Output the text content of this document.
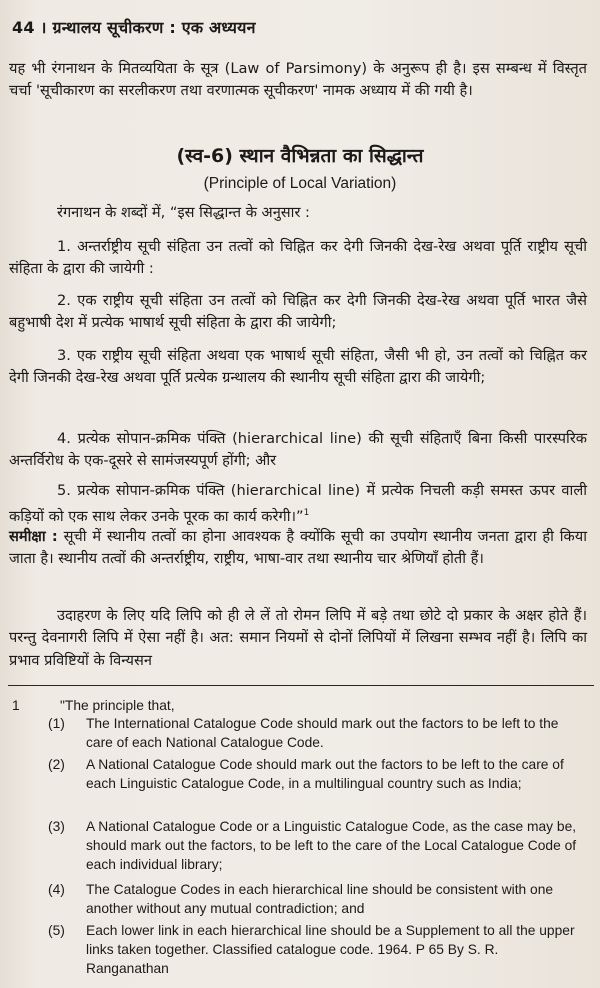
44 । ग्रन्थालय सूचीकरण : एक अध्ययन
यह भी रंगनाथन के मितव्ययिता के सूत्र (Law of Parsimony) के अनुरूप ही है। इस सम्बन्ध में विस्तृत चर्चा 'सूचीकारण का सरलीकरण तथा वरणात्मक सूचीकरण' नामक अध्याय में की गयी है।
(स्व-6) स्थान वैभिन्नता का सिद्धान्त
(Principle of Local Variation)
रंगनाथन के शब्दों में, “इस सिद्धान्त के अनुसार :
1. अन्तर्राष्ट्रीय सूची संहिता उन तत्वों को चिह्नित कर देगी जिनकी देख-रेख अथवा पूर्ति राष्ट्रीय सूची संहिता के द्वारा की जायेगी :
2. एक राष्ट्रीय सूची संहिता उन तत्वों को चिह्नित कर देगी जिनकी देख-रेख अथवा पूर्ति भारत जैसे बहुभाषी देश में प्रत्येक भाषार्थ सूची संहिता के द्वारा की जायेगी;
3. एक राष्ट्रीय सूची संहिता अथवा एक भाषार्थ सूची संहिता, जैसी भी हो, उन तत्वों को चिह्नित कर देगी जिनकी देख-रेख अथवा पूर्ति प्रत्येक ग्रन्थालय की स्थानीय सूची संहिता द्वारा की जायेगी;
4. प्रत्येक सोपान-क्रमिक पंक्ति (hierarchical line) की सूची संहिताएँ बिना किसी पारस्परिक अन्तर्विरोध के एक-दूसरे से सामंजस्यपूर्ण होंगी; और
5. प्रत्येक सोपान-क्रमिक पंक्ति (hierarchical line) में प्रत्येक निचली कड़ी समस्त ऊपर वाली कड़ियों को एक साथ लेकर उनके पूरक का कार्य करेगी।”$^1$
समीक्षा : सूची में स्थानीय तत्वों का होना आवश्यक है क्योंकि सूची का उपयोग स्थानीय जनता द्वारा ही किया जाता है। स्थानीय तत्वों की अन्तर्राष्ट्रीय, राष्ट्रीय, भाषा-वार तथा स्थानीय चार श्रेणियाँ होती हैं।
उदाहरण के लिए यदि लिपि को ही ले लें तो रोमन लिपि में बड़े तथा छोटे दो प्रकार के अक्षर होते हैं। परन्तु देवनागरी लिपि में ऐसा नहीं है। अत: समान नियमों से दोनों लिपियों में लिखना सम्भव नहीं है। लिपि का प्रभाव प्रविष्टियों के विन्यसन
1	"The principle that,
(1) The International Catalogue Code should mark out the factors to be left to the care of each National Catalogue Code.
(2) A National Catalogue Code should mark out the factors to be left to the care of each Linguistic Catalogue Code, in a multilingual country such as India;
(3) A National Catalogue Code or a Linguistic Catalogue Code, as the case may be, should mark out the factors, to be left to the care of the Local Catalogue Code of each individual library;
(4) The Catalogue Codes in each hierarchical line should be consistent with one another without any mutual contradiction; and
(5) Each lower link in each hierarchical line should be a Supplement to all the upper links taken together. Classified catalogue code. 1964. P 65 By S. R. Ranganathan
